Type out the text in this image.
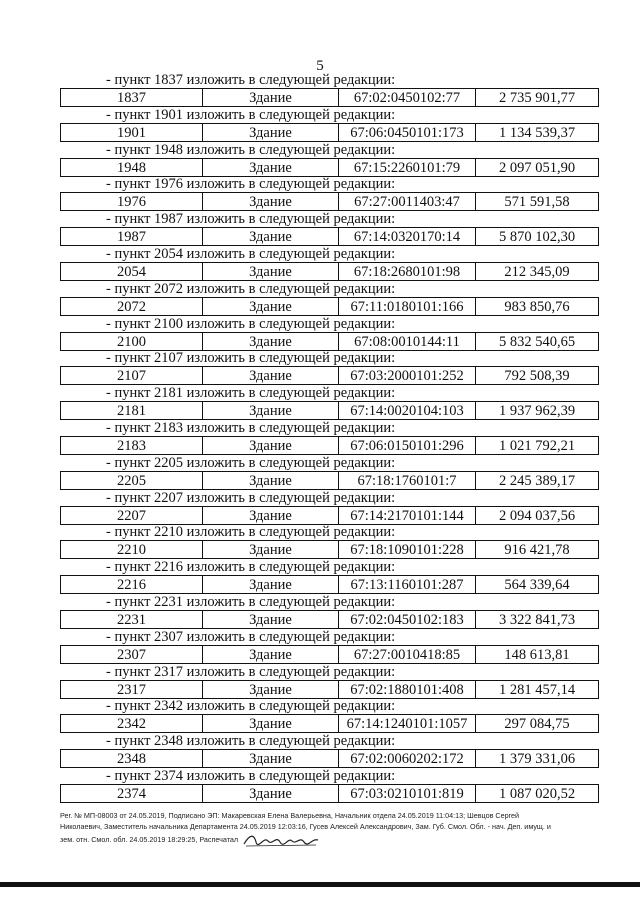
5
- пункт 1837 изложить в следующей редакции:
1837	Здание	67:02:0450102:77	2 735 901,77
- пункт 1901 изложить в следующей редакции:
1901	Здание	67:06:0450101:173	1 134 539,37
- пункт 1948 изложить в следующей редакции:
1948	Здание	67:15:2260101:79	2 097 051,90
- пункт 1976 изложить в следующей редакции:
1976	Здание	67:27:0011403:47	571 591,58
- пункт 1987 изложить в следующей редакции:
1987	Здание	67:14:0320170:14	5 870 102,30
- пункт 2054 изложить в следующей редакции:
2054	Здание	67:18:2680101:98	212 345,09
- пункт 2072 изложить в следующей редакции:
2072	Здание	67:11:0180101:166	983 850,76
- пункт 2100 изложить в следующей редакции:
2100	Здание	67:08:0010144:11	5 832 540,65
- пункт 2107 изложить в следующей редакции:
2107	Здание	67:03:2000101:252	792 508,39
- пункт 2181 изложить в следующей редакции:
2181	Здание	67:14:0020104:103	1 937 962,39
- пункт 2183 изложить в следующей редакции:
2183	Здание	67:06:0150101:296	1 021 792,21
- пункт 2205 изложить в следующей редакции:
2205	Здание	67:18:1760101:7	2 245 389,17
- пункт 2207 изложить в следующей редакции:
2207	Здание	67:14:2170101:144	2 094 037,56
- пункт 2210 изложить в следующей редакции:
2210	Здание	67:18:1090101:228	916 421,78
- пункт 2216 изложить в следующей редакции:
2216	Здание	67:13:1160101:287	564 339,64
- пункт 2231 изложить в следующей редакции:
2231	Здание	67:02:0450102:183	3 322 841,73
- пункт 2307 изложить в следующей редакции:
2307	Здание	67:27:0010418:85	148 613,81
- пункт 2317 изложить в следующей редакции:
2317	Здание	67:02:1880101:408	1 281 457,14
- пункт 2342 изложить в следующей редакции:
2342	Здание	67:14:1240101:1057	297 084,75
- пункт 2348 изложить в следующей редакции:
2348	Здание	67:02:0060202:172	1 379 331,06
- пункт 2374 изложить в следующей редакции:
2374	Здание	67:03:0210101:819	1 087 020,52
Рег. № МП-08003 от 24.05.2019, Подписано ЭП: Макаревская Елена Валерьевна, Начальник отдела 24.05.2019 11:04:13; Шевцов Сергей
Николаевич, Заместитель начальника Департамента 24.05.2019 12:03:16, Гусев Алексей Александрович, Зам. Губ. Смол. Обл. - нач. Деп. имущ. и
зем. отн. Смол. обл. 24.05.2019 18:29:25, Распечатал
